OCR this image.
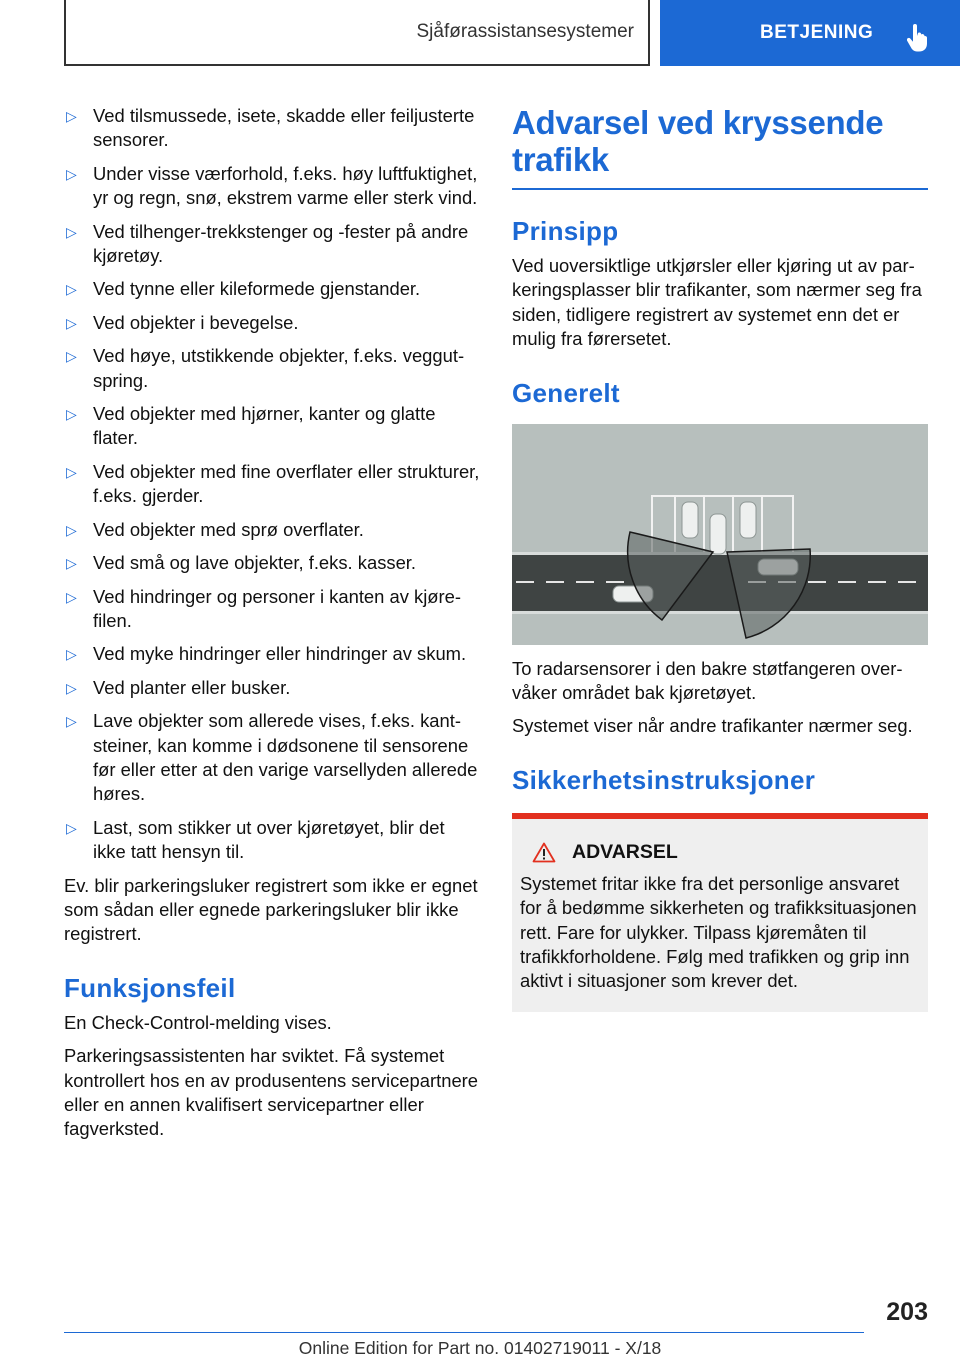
Sjåførassistansesystemer	BETJENING
▷ Ved tilsmussede, isete, skadde eller feiljusterte sensorer.
▷ Under visse værforhold, f.eks. høy luftfuktighet, yr og regn, snø, ekstrem varme eller sterk vind.
▷ Ved tilhenger-trekkstenger og -fester på andre kjøretøy.
▷ Ved tynne eller kileformede gjenstander.
▷ Ved objekter i bevegelse.
▷ Ved høye, utstikkende objekter, f.eks. veggutspring.
▷ Ved objekter med hjørner, kanter og glatte flater.
▷ Ved objekter med fine overflater eller strukturer, f.eks. gjerder.
▷ Ved objekter med sprø overflater.
▷ Ved små og lave objekter, f.eks. kasser.
▷ Ved hindringer og personer i kanten av kjørefilen.
▷ Ved myke hindringer eller hindringer av skum.
▷ Ved planter eller busker.
▷ Lave objekter som allerede vises, f.eks. kantsteiner, kan komme i dødsonene til sensorene før eller etter at den varige varsellyden allerede høres.
▷ Last, som stikker ut over kjøretøyet, blir det ikke tatt hensyn til.

Ev. blir parkeringsluker registrert som ikke er egnet som sådan eller egnede parkeringsluker blir ikke registrert.

Funksjonsfeil

En Check-Control-melding vises.

Parkeringsassistenten har sviktet. Få systemet kontrollert hos en av produsentens servicepartnere eller en annen kvalifisert servicepartner eller fagverksted.

Advarsel ved kryssende trafikk
Prinsipp

Ved uoversiktlige utkjørsler eller kjøring ut av parkeringsplasser blir trafikanter, som nærmer seg fra siden, tidligere registrert av systemet enn det er mulig fra førersetet.

Generelt

To radarsensorer i den bakre støtfangeren overvåker området bak kjøretøyet.

Systemet viser når andre trafikanter nærmer seg.

Sikkerhetsinstruksjoner
ADVARSEL

Systemet fritar ikke fra det personlige ansvaret for å bedømme sikkerheten og trafikksituasjonen rett. Fare for ulykker. Tilpass kjøremåten til trafikkforholdene. Følg med trafikken og grip inn aktivt i situasjoner som krever det.

203
Online Edition for Part no. 01402719011 - X/18
